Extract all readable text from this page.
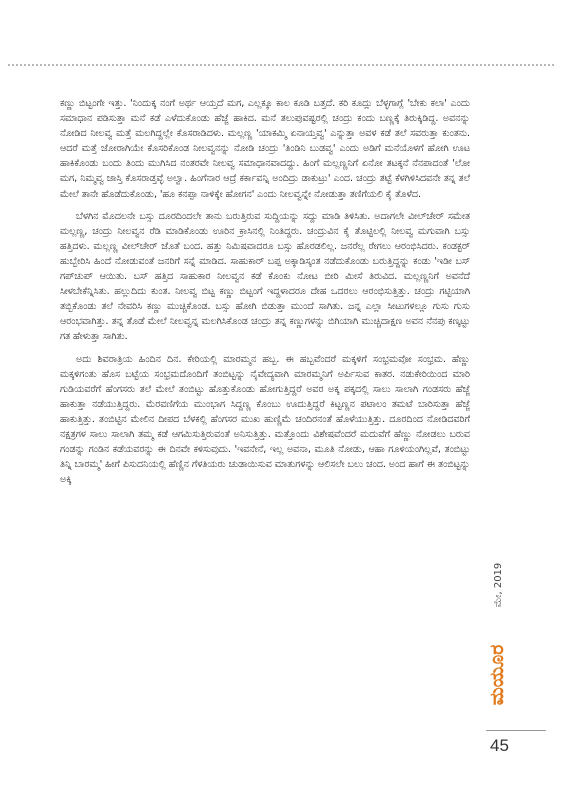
ಕಣ್ಣು ಬಿಟ್ಟಂಗೇ ಇತ್ತು. 'ನಿಂದುಕ್ಕ ನಂಗೆ ಅರ್ಥ ಆಯ್ತದೆ ಮಗ, ಎಲ್ಲಕ್ಕೂ ಕಾಲ ಕೂಡಿ ಬತ್ತದೆ. ಕರಿ ಕೂದ್ಲು ಬೆಳ್ಳಗಾಗ್ಲೆ 'ಬೇಕು ಕಲಾ' ಎಂದು ಸಮಾಧಾನ ಪಡಿಸುತ್ತಾ ಮನೆ ಕಡೆ ಎಳೆದುಕೊಂಡು ಹೆಜ್ಜೆ ಹಾಕಿದ. ಮನೆ ತಲುಪುವಷ್ಟರಲ್ಲಿ ಚಂದ್ರು ಕಂದು ಬಣ್ಣಕ್ಕೆ ತಿರುಕ್ಕಿಡಿದ್ದ. ಅವನನ್ನು ನೋಡಿದ ನೀಲವ್ವ ಮತ್ತೆ ಮಲಗಿದ್ದಲ್ಲೇ ಕೊಸರಾಡಿದಳು. ಮಲ್ಲಣ್ಣ 'ಯಾಕಮ್ಮಿ ಏನಾಯ್ತವ್ವ' ಎನ್ನುತ್ತಾ ಅವಳ ಕಡೆ ತಲೆ ಸವರುತ್ತಾ ಕುಂತನು. ಆದರೆ ಮತ್ತೆ ಜೋರಾಗಿಯೇ ಕೊಸರಿಕೊಂಡ ನೀಲವ್ವನನ್ನು ನೋಡಿ ಚಂದ್ರು 'ತಿಂಡಿನಿ ಬುಡವ್ವ' ಎಂದು ಅಡಿಗೆ ಮನೆಯೊಳಗೆ ಹೋಗಿ ಊಟ ಹಾಕಿಕೊಂಡು ಬಂದು ತಿಂದು ಮುಗಿಸಿದ ನಂತರವೇ ನೀಲವ್ವ ಸಮಾಧಾನವಾದದ್ದು. ಹಿಂಗೆ ಮಲ್ಲಣ್ಣನಿಗೆ ಏನೋ ತಟಕ್ಕನೆ ನೆನಪಾದಂತೆ 'ಲೋ ಮಗ, ನಿಮ್ಮವ್ವ ಜಾಸ್ತಿ ಕೊಸರಾಡ್ತವ್ಳೆ ಅಲ್ವಾ. ಹಿಂಗೆನಾರ ಆದ್ರೆ ಕರ್ಕಾವನ್ನಿ ಅಂದಿದ್ರು ಡಾಕುಟ್ರು' ಎಂದ. ಚಂದ್ರು ತಟ್ಟೆ ಕೆಳಗಿಳಿಸಿದವನೇ ತನ್ನ ತಲೆ ಮೇಲೆ ತಾನೇ ಹೊಡೆದುಕೊಂಡು, 'ಹೂ ಕನಪ್ಪಾ ನಾಳಿಕ್ಕೇ ಹೋಗನ' ಎಂದು ನೀಲವ್ವನ್ನೇ ನೋಡುತ್ತಾ ತಣಿಗೆಯಲಿ ಕೈ ತೊಳೆದ.

ಬೆಳಗಿನ ಮೊದಲನೇ ಬಸ್ಸು ದೂರದಿಂದಲೇ ತಾನು ಬರುತ್ತಿರುವ ಸುದ್ದಿಯನ್ನು ಸದ್ದು ಮಾಡಿ ತಿಳಿಸಿತು. ಅದಾಗಲೇ ವೀಲ್‌ಚೇರ್ ಸಮೇತ ಮಲ್ಲಣ್ಣ, ಚಂದ್ರು ನೀಲವ್ವನ ರೆಡಿ ಮಾಡಿಕೊಂಡು ಊರಿನ ಕ್ರಾಸಿನಲ್ಲಿ ನಿಂತಿದ್ದರು. ಚಂದ್ರುವಿನ ಕೈ ತೊಟ್ಟಿಲಲ್ಲಿ ನೀಲವ್ವ ಮಗುವಾಗಿ ಬಸ್ಸು ಹತ್ತಿದಳು. ಮಲ್ಲಣ್ಣ ವೀಲ್‌ಚೇರ್ ಜೊತೆ ಬಂದ. ಹತ್ತು ನಿಮಿಷವಾದರೂ ಬಸ್ಸು ಹೊರಡಲಿಲ್ಲ. ಜನರೆಲ್ಲ ರೇಗಲು ಆರಂಭಿಸಿದರು. ಕಂಡಕ್ಟರ್ ಹುಬ್ಬೇರಿಸಿ ಹಿಂದೆ ನೋಡುವಂತೆ ಜನರಿಗೆ ಸನ್ನೆ ಮಾಡಿದ. ಸಾಹುಕಾರ್ ಬಪ್ಪ ಅಕ್ಕಾಡಿಸ್ಕಂತ ನಡೆದುಕೊಂಡು ಬರುತ್ತಿದ್ದನ್ನು ಕಂಡು 'ಇಡೀ ಬಸ್ ಗಪ್‌ಚುಪ್ ಆಯಿತು. ಬಸ್ ಹತ್ತಿದ ಸಾಹುಕಾರ ನೀಲವ್ವನ ಕಡೆ ಕೊಂಕು ನೋಟ ಬೀರಿ ಮೀಸೆ ತಿರುವಿದ. ಮಲ್ಲಣ್ಣನಿಗೆ ಅವನೆದೆ ಸೀಳಬೇಕೆನ್ನಿಸಿತು. ಹಲ್ಲುದಿದು ಕುಂತ. ನೀಲವ್ವ ಬಿಟ್ಟ ಕಣ್ಣು ಬಿಟ್ಟಂಗೆ ಇದ್ದಳಾದರೂ ದೇಹ ಒದರಲು ಆರಂಭಿಸುತ್ತಿತ್ತು. ಚಂದ್ರು ಗಟ್ಟಿಯಾಗಿ ತಬ್ಬಿಕೊಂಡು ತಲೆ ನೇವರಿಸಿ ಕಣ್ಣು ಮುಚ್ಚಿಕೊಂಡ. ಬಸ್ಸು ಹೋಗಿ ಬಿಡುತ್ತಾ ಮುಂದೆ ಸಾಗಿತು. ಜನ್ನ ಎಲ್ಲಾ ಸೀಟುಗಳಲ್ಲೂ ಗುಸು ಗುಸು ಆರಂಭವಾಗಿತ್ತು. ತನ್ನ ತೊಡೆ ಮೇಲೆ ನೀಲವ್ವನ್ನ ಮಲಗಿಸಿಕೊಂಡ ಚಂದ್ರು ತನ್ನ ಕಣ್ಣುಗಳನ್ನು ಬಿಗಿಯಾಗಿ ಮುಚ್ಚಿದಾಕ್ಷಣ ಅವನ ನೆನಪು ಕಣ್ಕಟ್ಟು ಗತ ಹೇಳುತ್ತಾ ಸಾಗಿತು.

ಅದು ಶಿವರಾತ್ರಿಯ ಹಿಂದಿನ ದಿನ. ಕೇರಿಯಲ್ಲಿ ಮಾರಮ್ಮನ ಹಬ್ಬ. ಈ ಹಬ್ಬವೆಂದರೆ ಮಕ್ಕಳಿಗೆ ಸಂಭ್ರಮವೋ ಸಂಭ್ರಮ. ಹೆಣ್ಣು ಮಕ್ಕಳಿಗಂತು ಹೊಸ ಬಟ್ಟೆಯ ಸಂಭ್ರಮದೊಂದಿಗೆ ತಂಬಿಟ್ಟನ್ನು ನೈವೇದ್ಯವಾಗಿ ಮಾರಮ್ಮನಿಗೆ ಅರ್ಪಿಸುವ ಕಾತರ. ನಡುಕೇರಿಯಿಂದ ಮಾರಿ ಗುಡಿಯವರೆಗೆ ಹೆಂಗಸರು ತಲೆ ಮೇಲೆ ತಂಬಿಟ್ಟು ಹೊತ್ತುಕೊಂಡು ಹೋಗುತ್ತಿದ್ದರೆ ಅವರ ಅಕ್ಕ ಪಕ್ಕದಲ್ಲಿ ಸಾಲು ಸಾಲಾಗಿ ಗಂಡಸರು ಹೆಜ್ಜೆ ಹಾಕುತ್ತಾ ನಡೆಯುತ್ತಿದ್ದರು. ಮೆರವಣಿಗೆಯ ಮುಂಭಾಗ ಸಿದ್ದಣ್ಣ ಕೊಂಬು ಊದುತ್ತಿದ್ದರೆ ಕಿಟ್ಟಣ್ಣನ ಪಟಾಲಂ ತಮಟೆ ಬಾರಿಸುತ್ತಾ ಹೆಜ್ಜೆ ಹಾಕುತ್ತಿತ್ತು. ತಂಬಿಟ್ಟಿನ ಮೇಲಿನ ದೀಪದ ಬೆಳಕಲ್ಲಿ ಹೆಂಗಸರ ಮುಖ ಹುಣ್ಣಿಮೆ ಚಂದಿರನಂತೆ ಹೊಳೆಯುತ್ತಿತ್ತು. ದೂರದಿಂದ ನೋಡಿದವರಿಗೆ ನಕ್ಷತ್ರಗಳ ಸಾಲು ಸಾಲಾಗಿ ತಮ್ಮ ಕಡೆ ಆಗಮಿಸುತ್ತಿರುವಂತೆ ಅನಿಸುತ್ತಿತ್ತು. ಮತ್ತೊಂದು ವಿಶೇಷವೆಂದರೆ ಮದುವೆಗೆ ಹೆಣ್ಣು ನೋಡಲು ಬರುವ ಗಂಡನ್ನು ಗಂಡಿನ ಕಡೆಯವರನ್ನು ಈ ದಿನವೇ ಕಳಿಸುವುದು. 'ಇವನೇನೆ, ಇಲ್ಲ ಅವನಾ, ಮೂತಿ ನೋಡು, ಆಹಾ ಗೂಳಿಯಂಗಿಲ್ಲವೆ, ತಂಬಿಟ್ಟು ತಿನ್ನಿ ಬಾರಮ್ಮ' ಹೀಗೆ ಪಿಸುದನಿಯಲ್ಲಿ ಹೆಣ್ಣಿನ ಗೆಳತಿಯರು ಚುಡಾಯಿಸುವ ಮಾತುಗಳನ್ನು ಆಲಿಸಲೇ ಬಲು ಚಂದ. ಅಂದ ಹಾಗೆ ಈ ತಂಬಿಟ್ಟನ್ನು ಅಕ್ಕಿ

ಮೇ, 2019
ಮಯೂರ
45
